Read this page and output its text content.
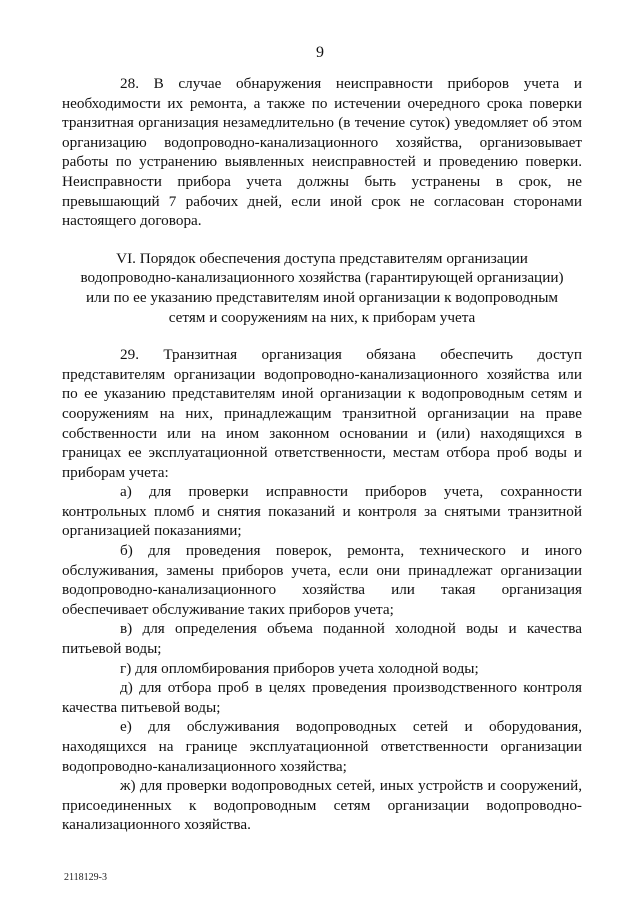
9

28. В случае обнаружения неисправности приборов учета и необходимости их ремонта, а также по истечении очередного срока поверки транзитная организация незамедлительно (в течение суток) уведомляет об этом организацию водопроводно-канализационного хозяйства, организовывает работы по устранению выявленных неисправностей и проведению поверки. Неисправности прибора учета должны быть устранены в срок, не превышающий 7 рабочих дней, если иной срок не согласован сторонами настоящего договора.

VI. Порядок обеспечения доступа представителям организации
водопроводно-канализационного хозяйства (гарантирующей организации)
или по ее указанию представителям иной организации к водопроводным
сетям и сооружениям на них, к приборам учета

29. Транзитная организация обязана обеспечить доступ представителям организации водопроводно-канализационного хозяйства или по ее указанию представителям иной организации к водопроводным сетям и сооружениям на них, принадлежащим транзитной организации на праве собственности или на ином законном основании и (или) находящихся в границах ее эксплуатационной ответственности, местам отбора проб воды и приборам учета:

а) для проверки исправности приборов учета, сохранности контрольных пломб и снятия показаний и контроля за снятыми транзитной организацией показаниями;

б) для проведения поверок, ремонта, технического и иного обслуживания, замены приборов учета, если они принадлежат организации водопроводно-канализационного хозяйства или такая организация обеспечивает обслуживание таких приборов учета;

в) для определения объема поданной холодной воды и качества питьевой воды;

г) для опломбирования приборов учета холодной воды;

д) для отбора проб в целях проведения производственного контроля качества питьевой воды;

е) для обслуживания водопроводных сетей и оборудования, находящихся на границе эксплуатационной ответственности организации водопроводно-канализационного хозяйства;

ж) для проверки водопроводных сетей, иных устройств и сооружений, присоединенных к водопроводным сетям организации водопроводно-канализационного хозяйства.

2118129-3
